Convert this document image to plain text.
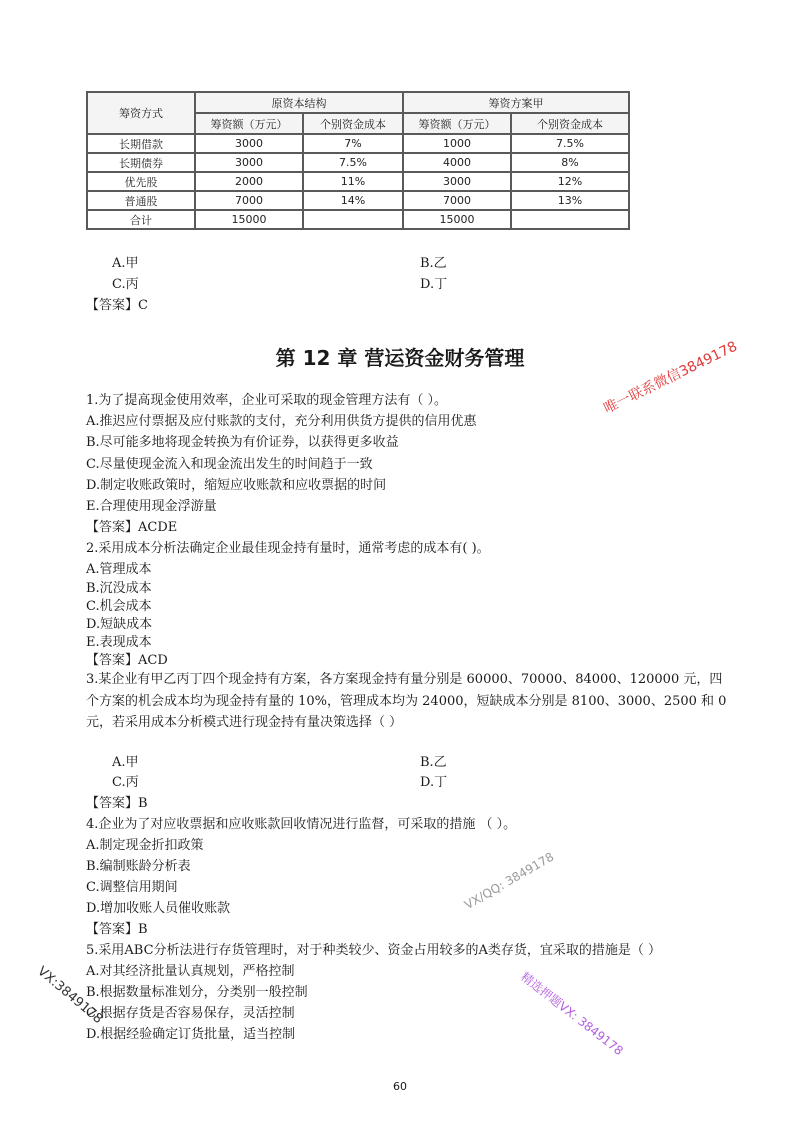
筹资方式	原资本结构		筹资方案甲	
	筹资额（万元）	个别资金成本	筹资额（万元）	个别资金成本
长期借款	3000	7%	1000	7.5%
长期债券	3000	7.5%	4000	8%
优先股	2000	11%	3000	12%
普通股	7000	14%	7000	13%
合计	15000		15000	
A.甲	B.乙
C.丙	D.丁
【答案】C
第 12 章 营运资金财务管理
1.为了提高现金使用效率，企业可采取的现金管理方法有（ ）。
A.推迟应付票据及应付账款的支付，充分利用供货方提供的信用优惠
B.尽可能多地将现金转换为有价证券，以获得更多收益
C.尽量使现金流入和现金流出发生的时间趋于一致
D.制定收账政策时，缩短应收账款和应收票据的时间
E.合理使用现金浮游量
【答案】ACDE
2.采用成本分析法确定企业最佳现金持有量时，通常考虑的成本有( )。
A.管理成本
B.沉没成本
C.机会成本
D.短缺成本
E.表现成本
【答案】ACD
3.某企业有甲乙丙丁四个现金持有方案，各方案现金持有量分别是 60000、70000、84000、120000 元，四
个方案的机会成本均为现金持有量的 10%，管理成本均为 24000，短缺成本分别是 8100、3000、2500 和 0
元，若采用成本分析模式进行现金持有量决策选择（ ）
A.甲	B.乙
C.丙	D.丁
【答案】B
4.企业为了对应收票据和应收账款回收情况进行监督，可采取的措施 （ ）。
A.制定现金折扣政策
B.编制账龄分析表
C.调整信用期间
D.增加收账人员催收账款
【答案】B
5.采用ABC分析法进行存货管理时，对于种类较少、资金占用较多的A类存货，宜采取的措施是（ ）
A.对其经济批量认真规划，严格控制
B.根据数量标准划分，分类别一般控制
C.根据存货是否容易保存，灵活控制
D.根据经验确定订货批量，适当控制
唯一联系微信3849178
VX/QQ: 3849178
精选押题VX: 3849178
VX:3849178
60
